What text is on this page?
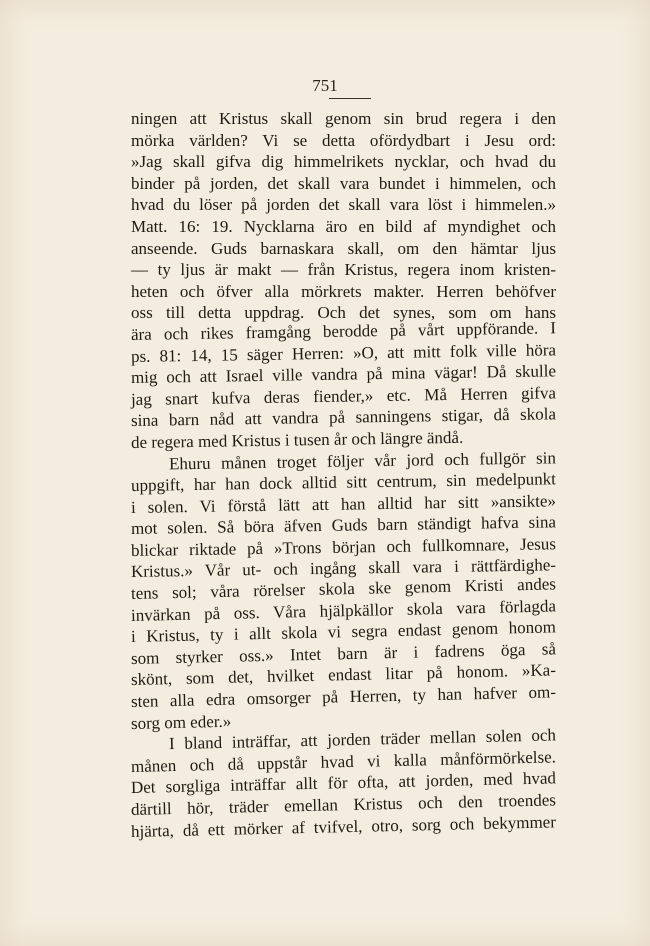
751
ningen att Kristus skall genom sin brud regera i den
mörka världen? Vi se detta ofördydbart i Jesu ord:
»Jag skall gifva dig himmelrikets nycklar, och hvad du
binder på jorden, det skall vara bundet i himmelen, och
hvad du löser på jorden det skall vara löst i himmelen.»
Matt. 16: 19. Nycklarna äro en bild af myndighet och
anseende. Guds barnaskara skall, om den hämtar ljus
— ty ljus är makt — från Kristus, regera inom kristen-
heten och öfver alla mörkrets makter. Herren behöfver
oss till detta uppdrag. Och det synes, som om hans
ära och rikes framgång berodde på vårt uppförande. I
ps. 81: 14, 15 säger Herren: »O, att mitt folk ville höra
mig och att Israel ville vandra på mina vägar! Då skulle
jag snart kufva deras fiender,» etc. Må Herren gifva
sina barn nåd att vandra på sanningens stigar, då skola
de regera med Kristus i tusen år och längre ändå.
Ehuru månen troget följer vår jord och fullgör sin
uppgift, har han dock alltid sitt centrum, sin medelpunkt
i solen. Vi förstå lätt att han alltid har sitt »ansikte»
mot solen. Så böra äfven Guds barn ständigt hafva sina
blickar riktade på »Trons början och fullkomnare, Jesus
Kristus.» Vår ut- och ingång skall vara i rättfärdighe-
tens sol; våra rörelser skola ske genom Kristi andes
invärkan på oss. Våra hjälpkällor skola vara förlagda
i Kristus, ty i allt skola vi segra endast genom honom
som styrker oss.» Intet barn är i fadrens öga så
skönt, som det, hvilket endast litar på honom. »Ka-
sten alla edra omsorger på Herren, ty han hafver om-
sorg om eder.»
I bland inträffar, att jorden träder mellan solen och
månen och då uppstår hvad vi kalla månförmörkelse.
Det sorgliga inträffar allt för ofta, att jorden, med hvad
därtill hör, träder emellan Kristus och den troendes
hjärta, då ett mörker af tvifvel, otro, sorg och bekymmer
